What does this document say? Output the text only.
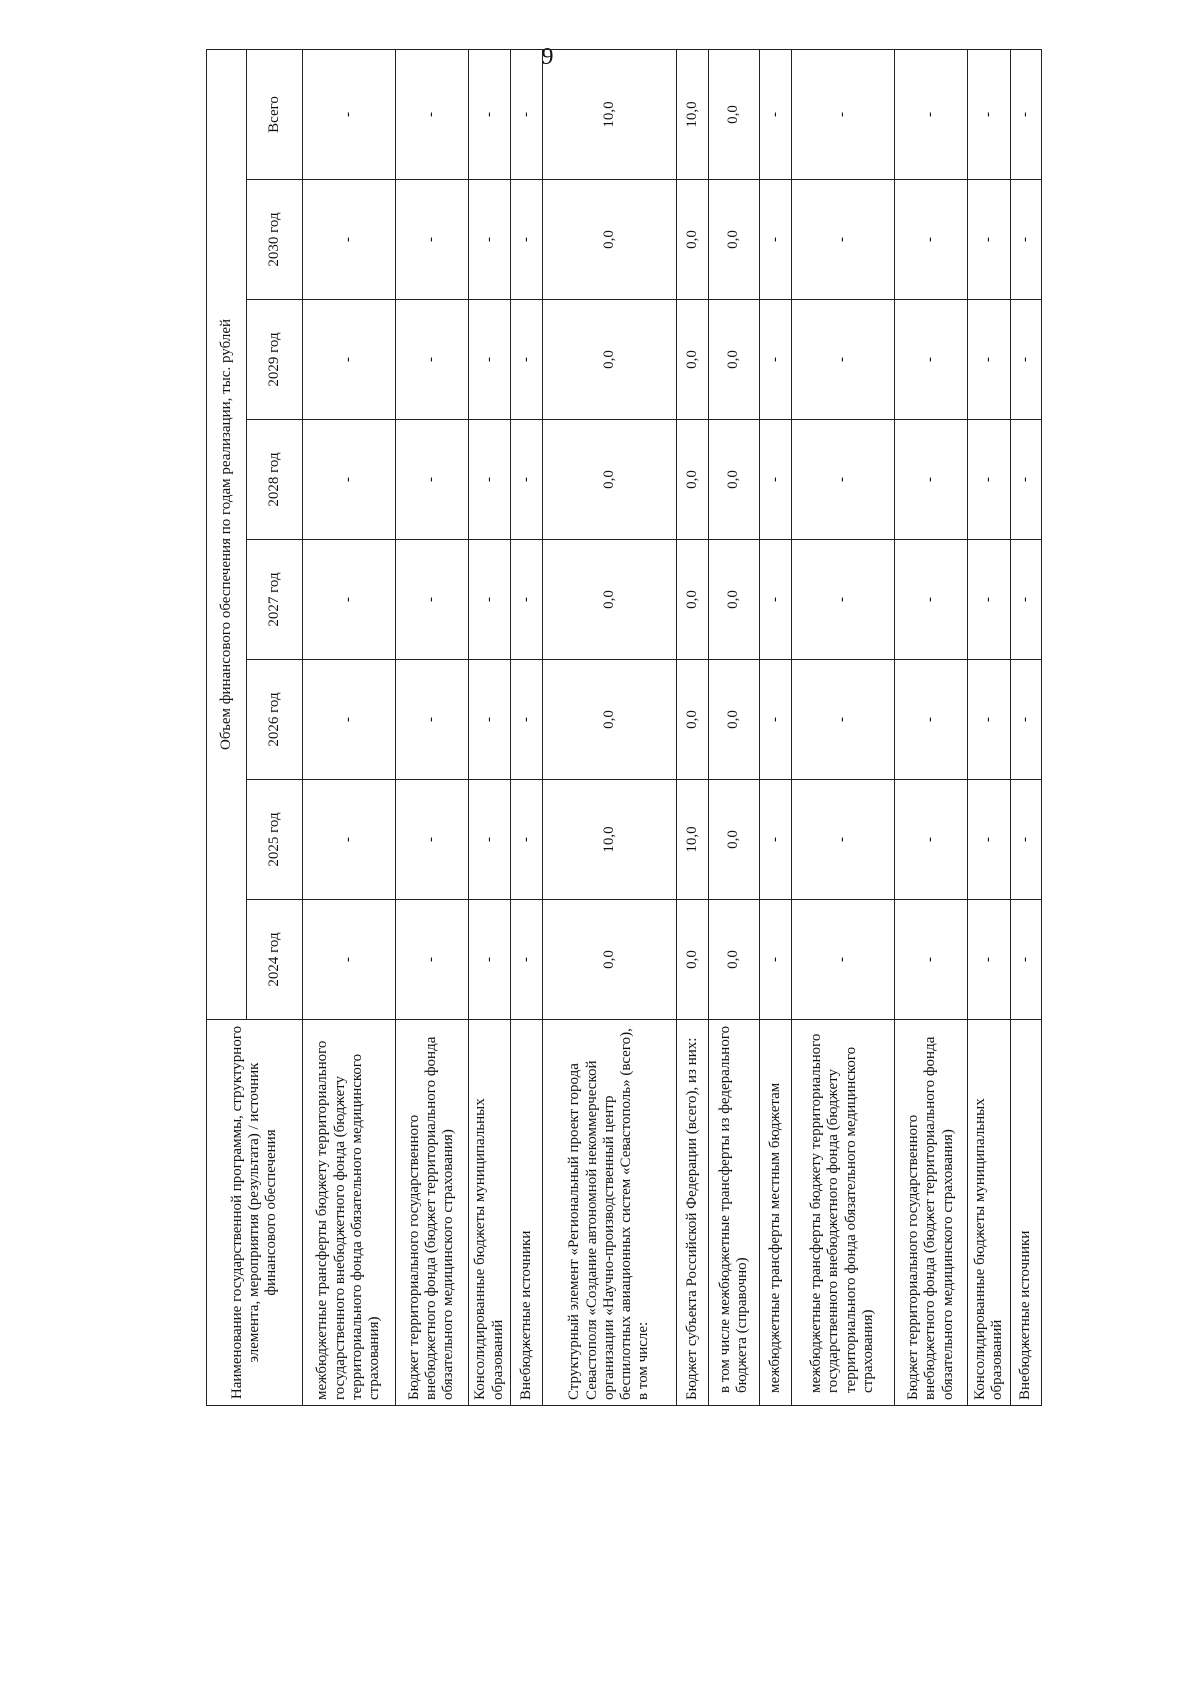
9
Наименование государственной программы, структурного элемента, мероприятия (результата) / источник финансового обеспечения	Объем финансового обеспечения по годам реализации, тыс. рублей							
	2024 год	2025 год	2026 год	2027 год	2028 год	2029 год	2030 год	Всего
межбюджетные трансферты бюджету территориального государственного внебюджетного фонда (бюджету территориального фонда обязательного медицинского страхования)	-	-	-	-	-	-	-	-
Бюджет территориального государственного внебюджетного фонда (бюджет территориального фонда обязательного медицинского страхования)	-	-	-	-	-	-	-	-
Консолидированные бюджеты муниципальных образований	-	-	-	-	-	-	-	-
Внебюджетные источники	-	-	-	-	-	-	-	-
Структурный элемент «Региональный проект города Севастополя «Создание автономной некоммерческой организации «Научно-производственный центр беспилотных авиационных систем «Севастополь» (всего), в том числе:	0,0	10,0	0,0	0,0	0,0	0,0	0,0	10,0
Бюджет субъекта Российской Федерации (всего), из них:	0,0	10,0	0,0	0,0	0,0	0,0	0,0	10,0
в том числе межбюджетные трансферты из федерального бюджета (справочно)	0,0	0,0	0,0	0,0	0,0	0,0	0,0	0,0
межбюджетные трансферты местным бюджетам	-	-	-	-	-	-	-	-
межбюджетные трансферты бюджету территориального государственного внебюджетного фонда (бюджету территориального фонда обязательного медицинского страхования)	-	-	-	-	-	-	-	-
Бюджет территориального государственного внебюджетного фонда (бюджет территориального фонда обязательного медицинского страхования)	-	-	-	-	-	-	-	-
Консолидированные бюджеты муниципальных образований	-	-	-	-	-	-	-	-
Внебюджетные источники	-	-	-	-	-	-	-	-
